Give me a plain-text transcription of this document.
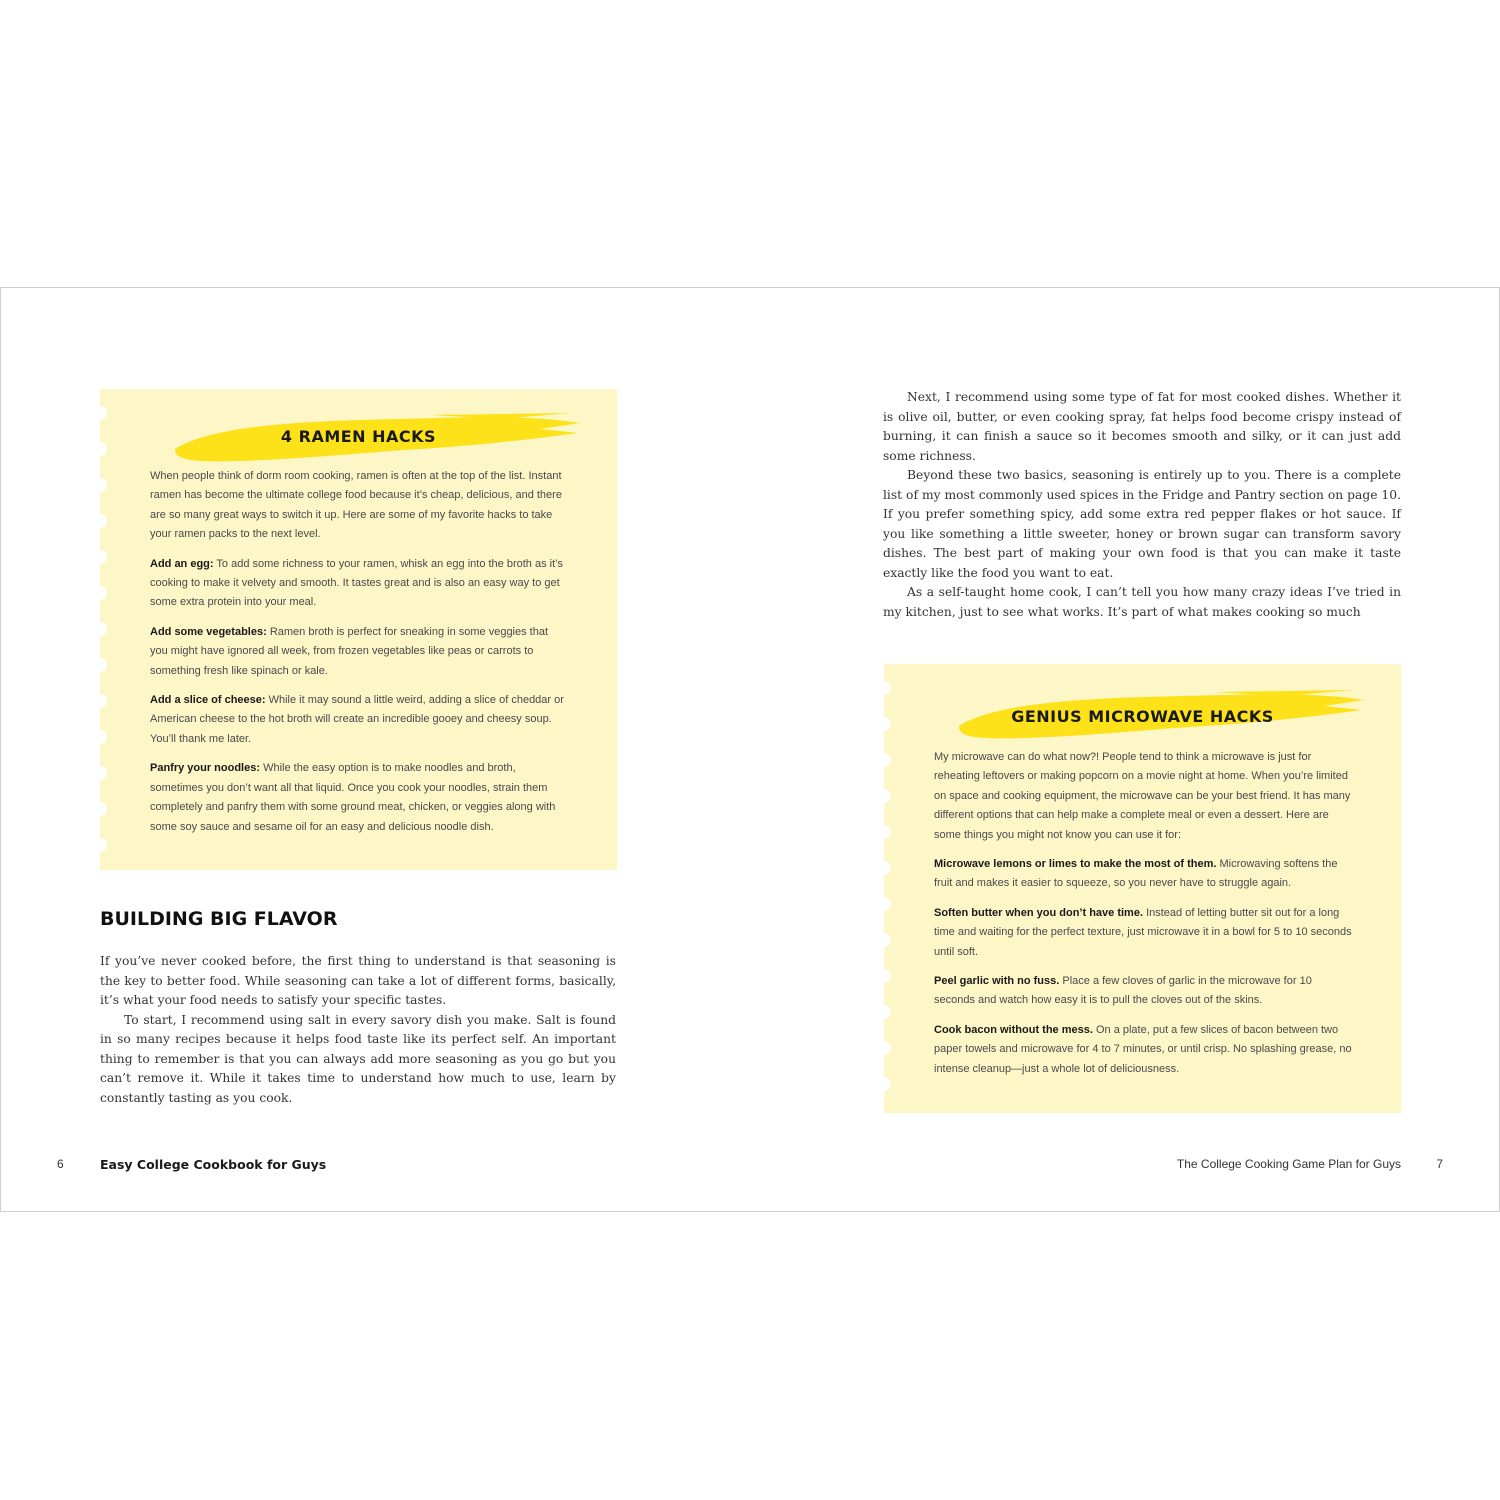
4 RAMEN HACKS

When people think of dorm room cooking, ramen is often at the top of the list. Instant ramen has become the ultimate college food because it’s cheap, delicious, and there are so many great ways to switch it up. Here are some of my favorite hacks to take your ramen packs to the next level.

Add an egg: To add some richness to your ramen, whisk an egg into the broth as it’s cooking to make it velvety and smooth. It tastes great and is also an easy way to get some extra protein into your meal.

Add some vegetables: Ramen broth is perfect for sneaking in some veggies that you might have ignored all week, from frozen vegetables like peas or carrots to something fresh like spinach or kale.

Add a slice of cheese: While it may sound a little weird, adding a slice of cheddar or American cheese to the hot broth will create an incredible gooey and cheesy soup. You’ll thank me later.

Panfry your noodles: While the easy option is to make noodles and broth, sometimes you don’t want all that liquid. Once you cook your noodles, strain them completely and panfry them with some ground meat, chicken, or veggies along with some soy sauce and sesame oil for an easy and delicious noodle dish.

BUILDING BIG FLAVOR

If you’ve never cooked before, the first thing to understand is that seasoning is the key to better food. While seasoning can take a lot of different forms, basically, it’s what your food needs to satisfy your specific tastes.

To start, I recommend using salt in every savory dish you make. Salt is found in so many recipes because it helps food taste like its perfect self. An important thing to remember is that you can always add more seasoning as you go but you can’t remove it. While it takes time to understand how much to use, learn by constantly tasting as you cook.

6	Easy College Cookbook for Guys

Next, I recommend using some type of fat for most cooked dishes. Whether it is olive oil, butter, or even cooking spray, fat helps food become crispy instead of burning, it can finish a sauce so it becomes smooth and silky, or it can just add some richness.

Beyond these two basics, seasoning is entirely up to you. There is a complete list of my most commonly used spices in the Fridge and Pantry section on page 10. If you prefer something spicy, add some extra red pepper flakes or hot sauce. If you like something a little sweeter, honey or brown sugar can transform savory dishes. The best part of making your own food is that you can make it taste exactly like the food you want to eat.

As a self-taught home cook, I can’t tell you how many crazy ideas I’ve tried in my kitchen, just to see what works. It’s part of what makes cooking so much

GENIUS MICROWAVE HACKS

My microwave can do what now?! People tend to think a microwave is just for reheating leftovers or making popcorn on a movie night at home. When you’re limited on space and cooking equipment, the microwave can be your best friend. It has many different options that can help make a complete meal or even a dessert. Here are some things you might not know you can use it for:

Microwave lemons or limes to make the most of them. Microwaving softens the fruit and makes it easier to squeeze, so you never have to struggle again.

Soften butter when you don’t have time. Instead of letting butter sit out for a long time and waiting for the perfect texture, just microwave it in a bowl for 5 to 10 seconds until soft.

Peel garlic with no fuss. Place a few cloves of garlic in the microwave for 10 seconds and watch how easy it is to pull the cloves out of the skins.

Cook bacon without the mess. On a plate, put a few slices of bacon between two paper towels and microwave for 4 to 7 minutes, or until crisp. No splashing grease, no intense cleanup—just a whole lot of deliciousness.

The College Cooking Game Plan for Guys	7
